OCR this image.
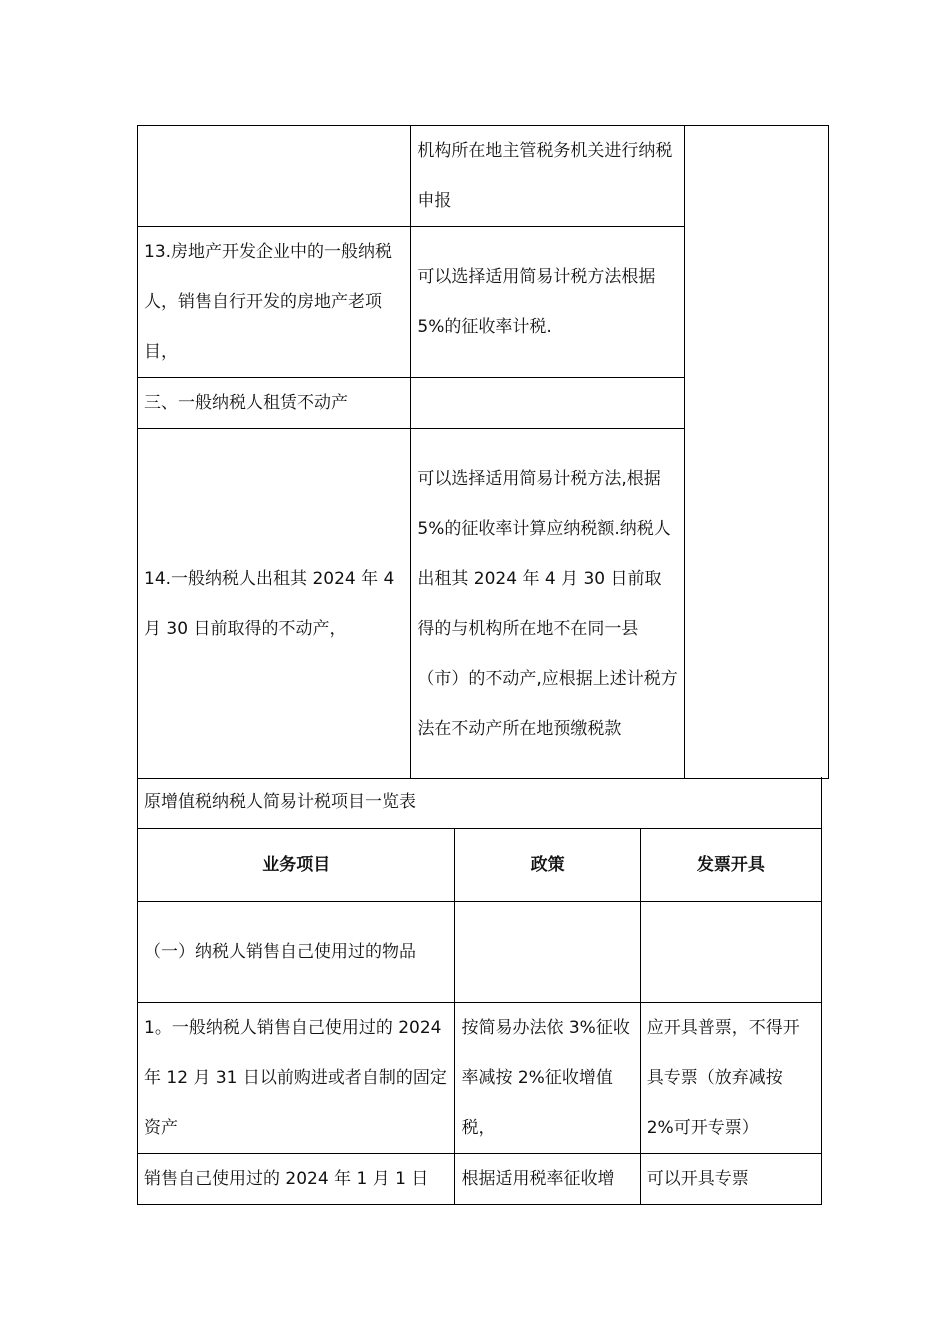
	机构所在地主管税务机关进行纳税申报	
13.房地产开发企业中的一般纳税人，销售自行开发的房地产老项目，	可以选择适用简易计税方法根据 5%的征收率计税.	
三、一般纳税人租赁不动产		
14.一般纳税人出租其 2024 年 4 月 30 日前取得的不动产，	可以选择适用简易计税方法,根据 5%的征收率计算应纳税额.纳税人出租其 2024 年 4 月 30 日前取得的与机构所在地不在同一县（市）的不动产,应根据上述计税方法在不动产所在地预缴税款	
原增值税纳税人简易计税项目一览表		
业务项目	政策	发票开具
（一）纳税人销售自己使用过的物品		
1。一般纳税人销售自己使用过的 2024 年 12 月 31 日以前购进或者自制的固定资产	按简易办法依 3%征收率减按 2%征收增值税，	应开具普票，不得开具专票（放弃减按 2%可开专票）
销售自己使用过的 2024 年 1 月 1 日	根据适用税率征收增	可以开具专票
